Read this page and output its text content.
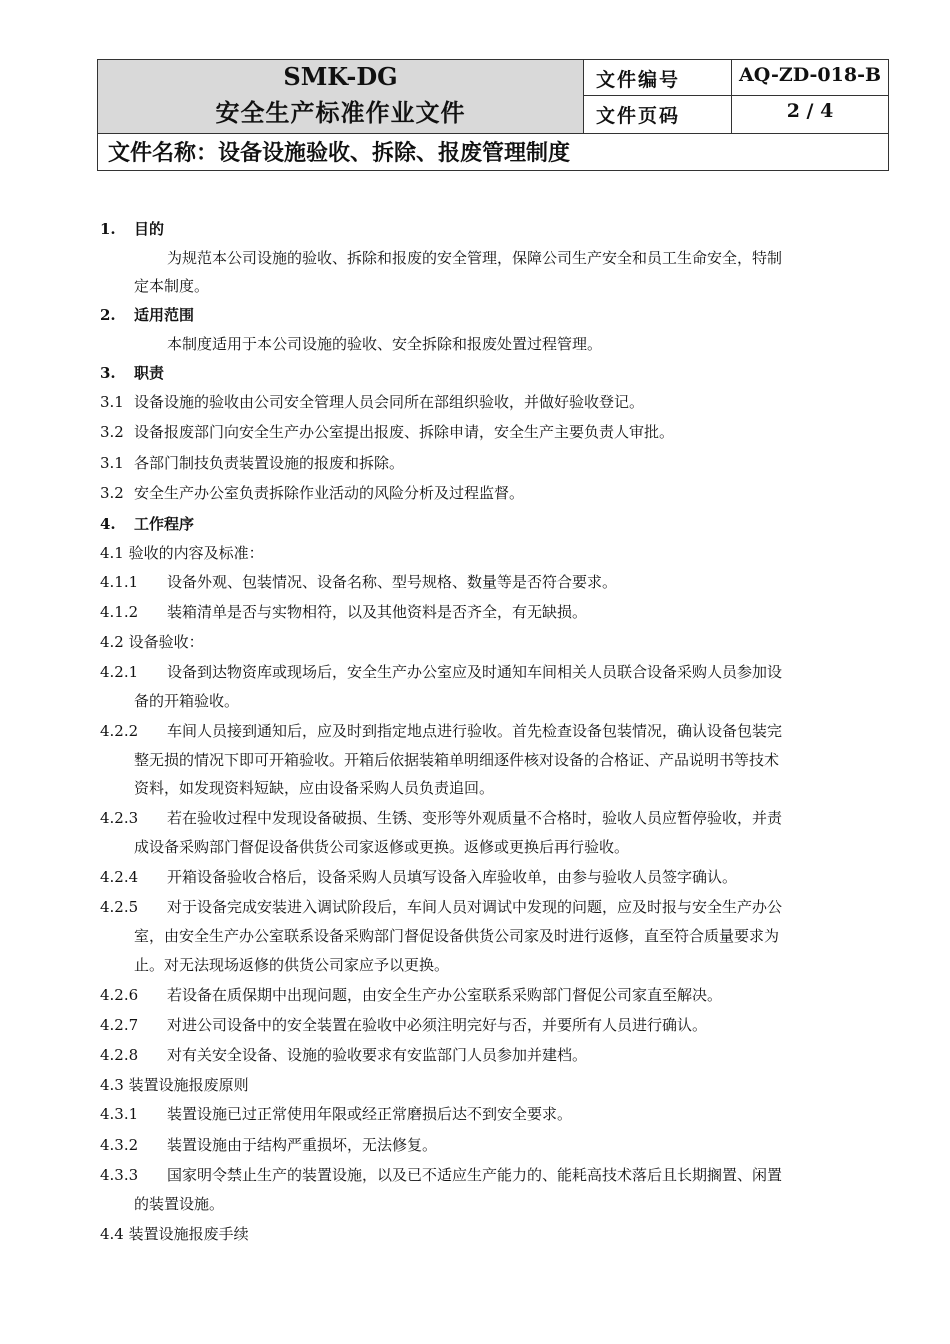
SMK-DG
安全生产标准作业文件
文件编号	AQ-ZD-018-B
文件页码	2 / 4
文件名称：设备设施验收、拆除、报废管理制度
1. 目的
为规范本公司设施的验收、拆除和报废的安全管理，保障公司生产安全和员工生命安全，特制
定本制度。
2. 适用范围
本制度适用于本公司设施的验收、安全拆除和报废处置过程管理。
3. 职责
3.1 设备设施的验收由公司安全管理人员会同所在部组织验收，并做好验收登记。
3.2 设备报废部门向安全生产办公室提出报废、拆除申请，安全生产主要负责人审批。
3.1 各部门制技负责装置设施的报废和拆除。
3.2 安全生产办公室负责拆除作业活动的风险分析及过程监督。
4. 工作程序
4.1 验收的内容及标准：
4.1.1 设备外观、包装情况、设备名称、型号规格、数量等是否符合要求。
4.1.2 装箱清单是否与实物相符，以及其他资料是否齐全，有无缺损。
4.2 设备验收：
4.2.1 设备到达物资库或现场后，安全生产办公室应及时通知车间相关人员联合设备采购人员参加设
备的开箱验收。
4.2.2 车间人员接到通知后，应及时到指定地点进行验收。首先检查设备包装情况，确认设备包装完
整无损的情况下即可开箱验收。开箱后依据装箱单明细逐件核对设备的合格证、产品说明书等技术
资料，如发现资料短缺，应由设备采购人员负责追回。
4.2.3 若在验收过程中发现设备破损、生锈、变形等外观质量不合格时，验收人员应暂停验收，并责
成设备采购部门督促设备供货公司家返修或更换。返修或更换后再行验收。
4.2.4 开箱设备验收合格后，设备采购人员填写设备入库验收单，由参与验收人员签字确认。
4.2.5 对于设备完成安装进入调试阶段后，车间人员对调试中发现的问题，应及时报与安全生产办公
室，由安全生产办公室联系设备采购部门督促设备供货公司家及时进行返修，直至符合质量要求为
止。对无法现场返修的供货公司家应予以更换。
4.2.6 若设备在质保期中出现问题，由安全生产办公室联系采购部门督促公司家直至解决。
4.2.7 对进公司设备中的安全装置在验收中必须注明完好与否，并要所有人员进行确认。
4.2.8 对有关安全设备、设施的验收要求有安监部门人员参加并建档。
4.3 装置设施报废原则
4.3.1 装置设施已过正常使用年限或经正常磨损后达不到安全要求。
4.3.2 装置设施由于结构严重损坏，无法修复。
4.3.3 国家明令禁止生产的装置设施，以及已不适应生产能力的、能耗高技术落后且长期搁置、闲置
的装置设施。
4.4 装置设施报废手续
